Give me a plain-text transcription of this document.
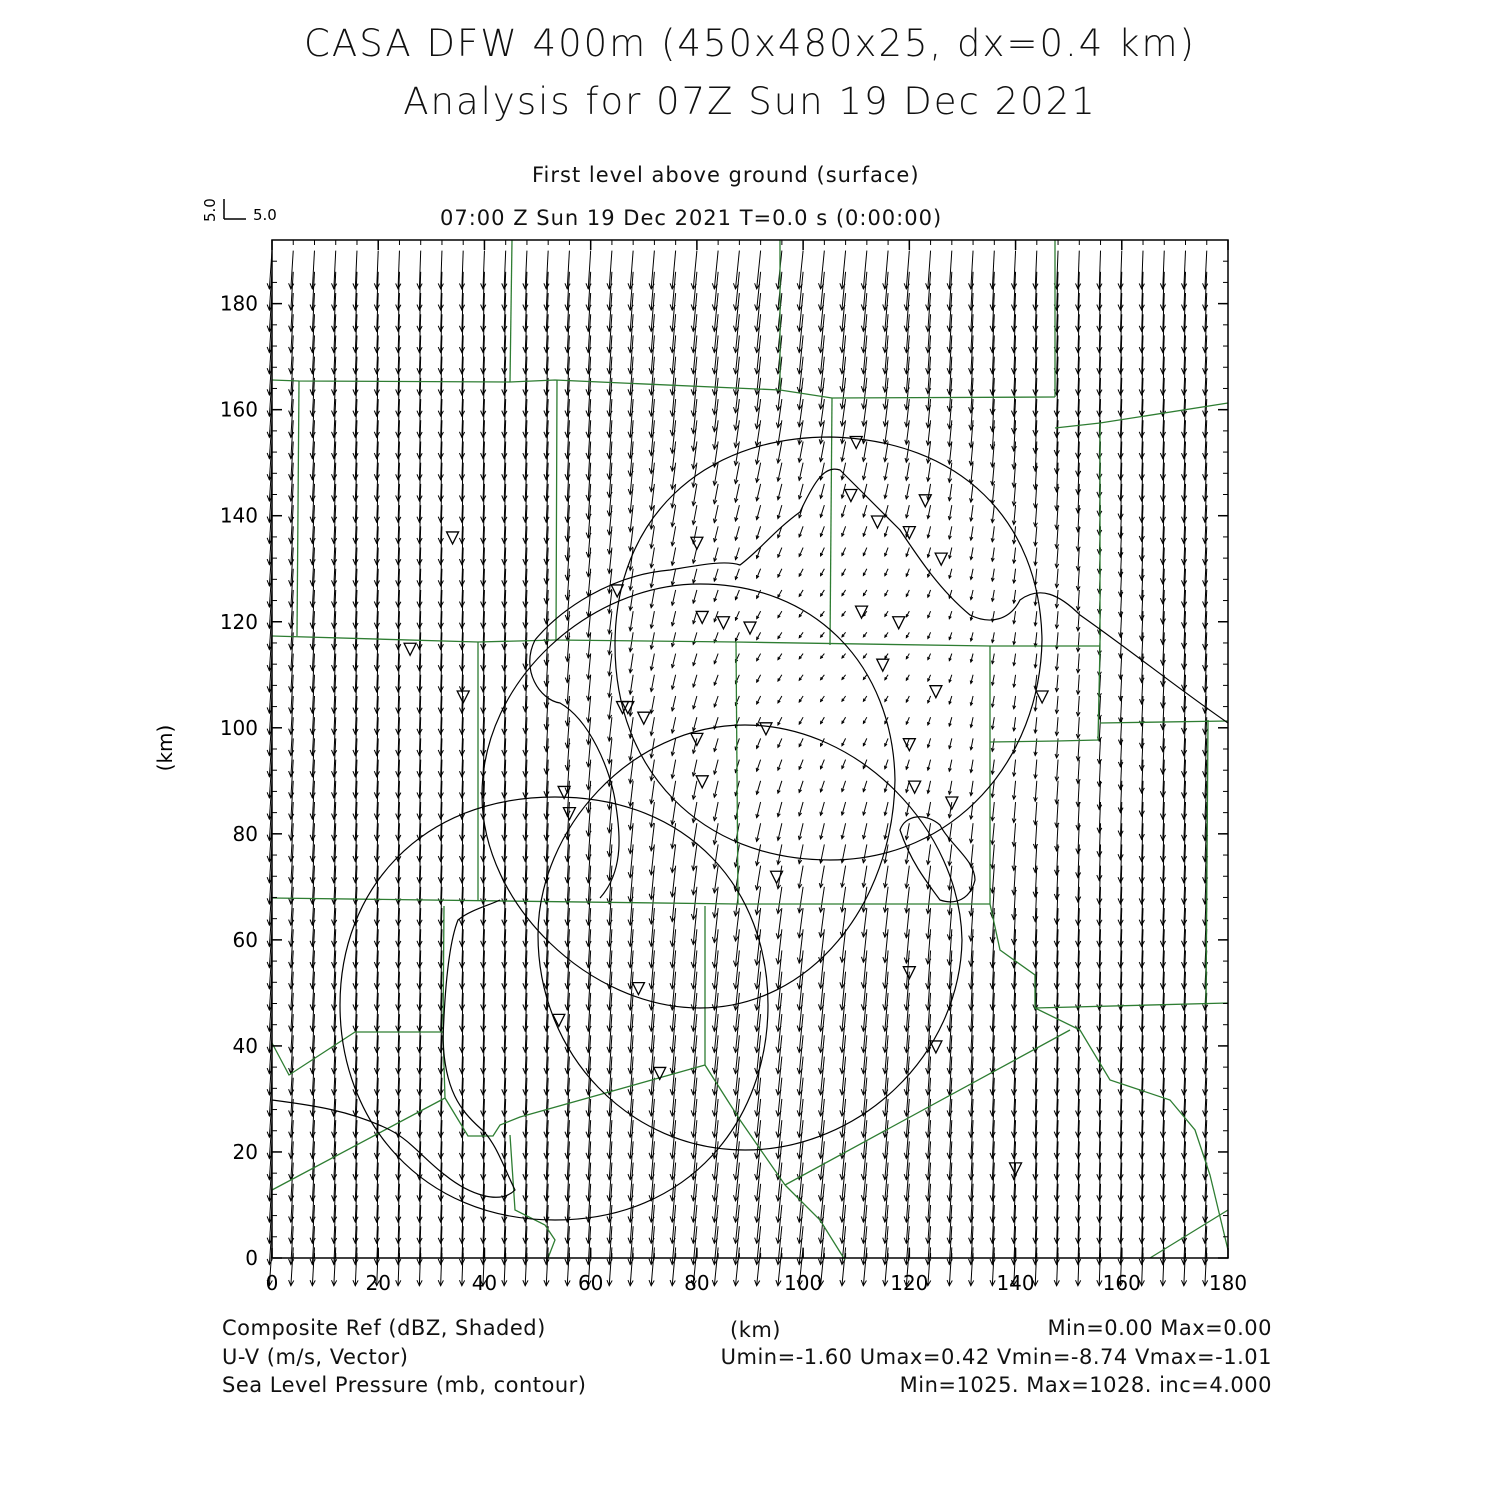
CASA DFW 400m (450x480x25, dx=0.4 km)
Analysis for 07Z Sun 19 Dec 2021
First level above ground (surface)
07:00 Z Sun 19 Dec 2021 T=0.0 s (0:00:00)
5.0
5.0
0	20	40	60	80	100	120	140	160	180
0
20
40
60
80
100
120
140
160
180
(km)
Composite Ref (dBZ, Shaded)	(km)	Min=0.00 Max=0.00
U-V (m/s, Vector)	Umin=-1.60 Umax=0.42 Vmin=-8.74 Vmax=-1.01
Sea Level Pressure (mb, contour)	Min=1025. Max=1028. inc=4.000
